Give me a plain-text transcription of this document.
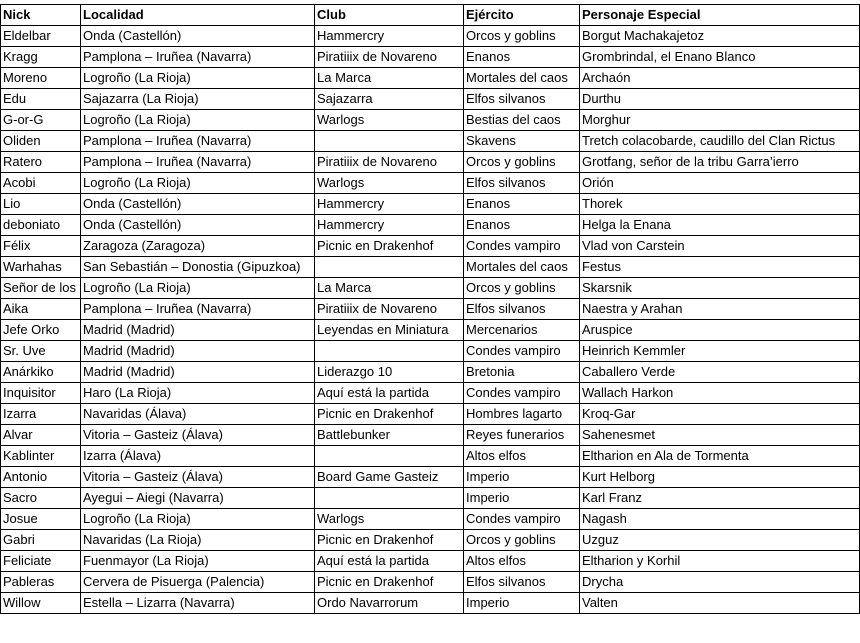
Nick	Localidad	Club	Ejército	Personaje Especial
Eldelbar	Onda (Castellón)	Hammercry	Orcos y goblins	Borgut Machakajetoz
Kragg	Pamplona – Iruñea (Navarra)	Piratiiix de Novareno	Enanos	Grombrindal, el Enano Blanco
Moreno	Logroño (La Rioja)	La Marca	Mortales del caos	Archaón
Edu	Sajazarra (La Rioja)	Sajazarra	Elfos silvanos	Durthu
G-or-G	Logroño (La Rioja)	Warlogs	Bestias del caos	Morghur
Oliden	Pamplona – Iruñea (Navarra)		Skavens	Tretch colacobarde, caudillo del Clan Rictus
Ratero	Pamplona – Iruñea (Navarra)	Piratiiix de Novareno	Orcos y goblins	Grotfang, señor de la tribu Garra’ierro
Acobi	Logroño (La Rioja)	Warlogs	Elfos silvanos	Orión
Lio	Onda (Castellón)	Hammercry	Enanos	Thorek
deboniato	Onda (Castellón)	Hammercry	Enanos	Helga la Enana
Félix	Zaragoza (Zaragoza)	Picnic en Drakenhof	Condes vampiro	Vlad von Carstein
Warhahas	San Sebastián – Donostia (Gipuzkoa)		Mortales del caos	Festus
Señor de los	Logroño (La Rioja)	La Marca	Orcos y goblins	Skarsnik
Aika	Pamplona – Iruñea (Navarra)	Piratiiix de Novareno	Elfos silvanos	Naestra y Arahan
Jefe Orko	Madrid (Madrid)	Leyendas en Miniatura	Mercenarios	Aruspice
Sr. Uve	Madrid (Madrid)		Condes vampiro	Heinrich Kemmler
Anárkiko	Madrid (Madrid)	Liderazgo 10	Bretonia	Caballero Verde
Inquisitor	Haro (La Rioja)	Aquí está la partida	Condes vampiro	Wallach Harkon
Izarra	Navaridas (Álava)	Picnic en Drakenhof	Hombres lagarto	Kroq-Gar
Alvar	Vitoria – Gasteiz (Álava)	Battlebunker	Reyes funerarios	Sahenesmet
Kablinter	Izarra (Álava)		Altos elfos	Eltharion en Ala de Tormenta
Antonio	Vitoria – Gasteiz (Álava)	Board Game Gasteiz	Imperio	Kurt Helborg
Sacro	Ayegui – Aiegi (Navarra)		Imperio	Karl Franz
Josue	Logroño (La Rioja)	Warlogs	Condes vampiro	Nagash
Gabri	Navaridas (La Rioja)	Picnic en Drakenhof	Orcos y goblins	Uzguz
Feliciate	Fuenmayor (La Rioja)	Aquí está la partida	Altos elfos	Eltharion y Korhil
Pableras	Cervera de Pisuerga (Palencia)	Picnic en Drakenhof	Elfos silvanos	Drycha
Willow	Estella – Lizarra (Navarra)	Ordo Navarrorum	Imperio	Valten
